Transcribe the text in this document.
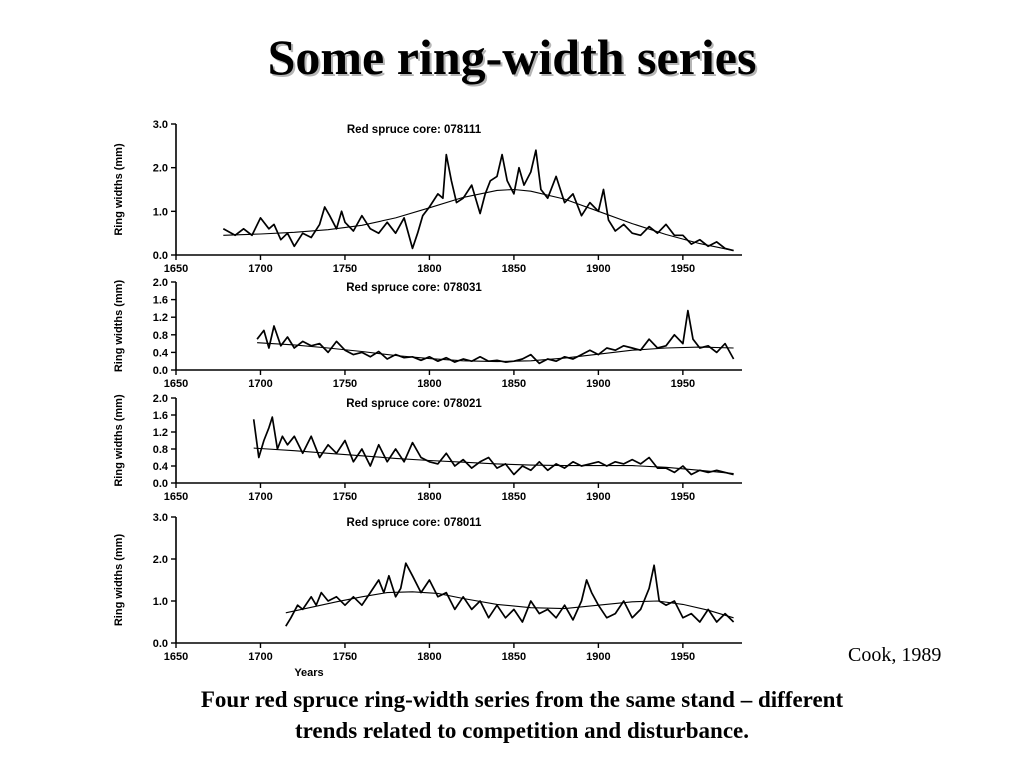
Some ring-width series
0.0
1.0
2.0
3.0
1650	1700	1750	1800	1850	1900	1950
Red spruce core: 078111
Ring widths (mm)
0.0
0.4
0.8
1.2
1.6
2.0
1650	1700	1750	1800	1850	1900	1950
Red spruce core: 078031
Ring widths (mm)
0.0
0.4
0.8
1.2
1.6
2.0
1650	1700	1750	1800	1850	1900	1950
Red spruce core: 078021
Ring widths (mm)
0.0
1.0
2.0
3.0
1650	1700	1750	1800	1850	1900	1950
Red spruce core: 078011
Ring widths (mm)
Years
Cook, 1989
Four red spruce ring-width series from the same stand – different
trends related to competition and disturbance.
